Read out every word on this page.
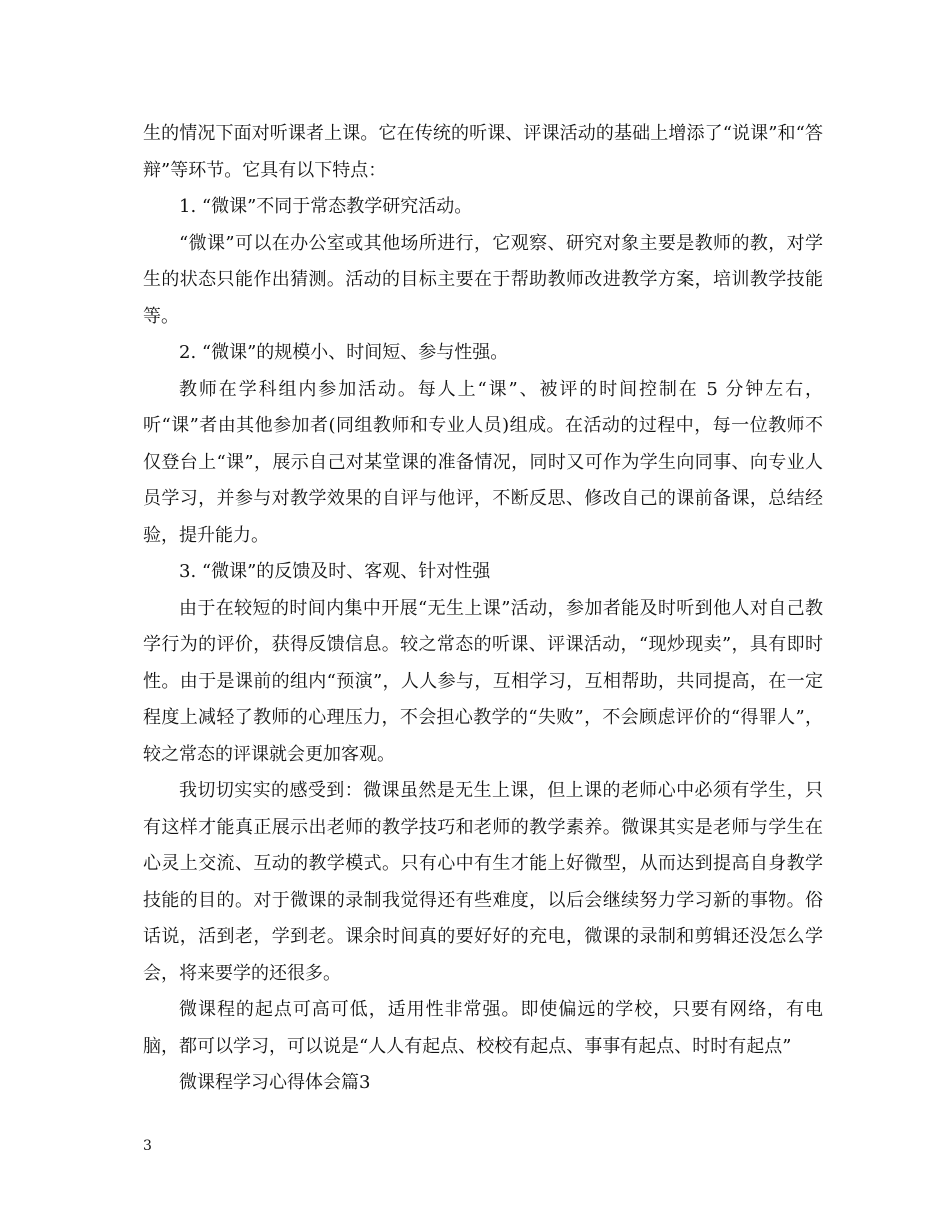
生的情况下面对听课者上课。它在传统的听课、评课活动的基础上增添了“说课”和“答辩”等环节。它具有以下特点：

1. “微课”不同于常态教学研究活动。

“微课”可以在办公室或其他场所进行，它观察、研究对象主要是教师的教，对学生的状态只能作出猜测。活动的目标主要在于帮助教师改进教学方案，培训教学技能等。

2. “微课”的规模小、时间短、参与性强。

教师在学科组内参加活动。每人上“课”、被评的时间控制在 5 分钟左右，听“课”者由其他参加者(同组教师和专业人员)组成。在活动的过程中，每一位教师不仅登台上“课”，展示自己对某堂课的准备情况，同时又可作为学生向同事、向专业人员学习，并参与对教学效果的自评与他评，不断反思、修改自己的课前备课，总结经验，提升能力。

3. “微课”的反馈及时、客观、针对性强

由于在较短的时间内集中开展“无生上课”活动，参加者能及时听到他人对自己教学行为的评价，获得反馈信息。较之常态的听课、评课活动，“现炒现卖”，具有即时性。由于是课前的组内“预演”，人人参与，互相学习，互相帮助，共同提高，在一定程度上减轻了教师的心理压力，不会担心教学的“失败”，不会顾虑评价的“得罪人”，较之常态的评课就会更加客观。

我切切实实的感受到：微课虽然是无生上课，但上课的老师心中必须有学生，只有这样才能真正展示出老师的教学技巧和老师的教学素养。微课其实是老师与学生在心灵上交流、互动的教学模式。只有心中有生才能上好微型，从而达到提高自身教学技能的目的。对于微课的录制我觉得还有些难度，以后会继续努力学习新的事物。俗话说，活到老，学到老。课余时间真的要好好的充电，微课的录制和剪辑还没怎么学会，将来要学的还很多。

微课程的起点可高可低，适用性非常强。即使偏远的学校，只要有网络，有电脑，都可以学习，可以说是“人人有起点、校校有起点、事事有起点、时时有起点”

微课程学习心得体会篇3

3
